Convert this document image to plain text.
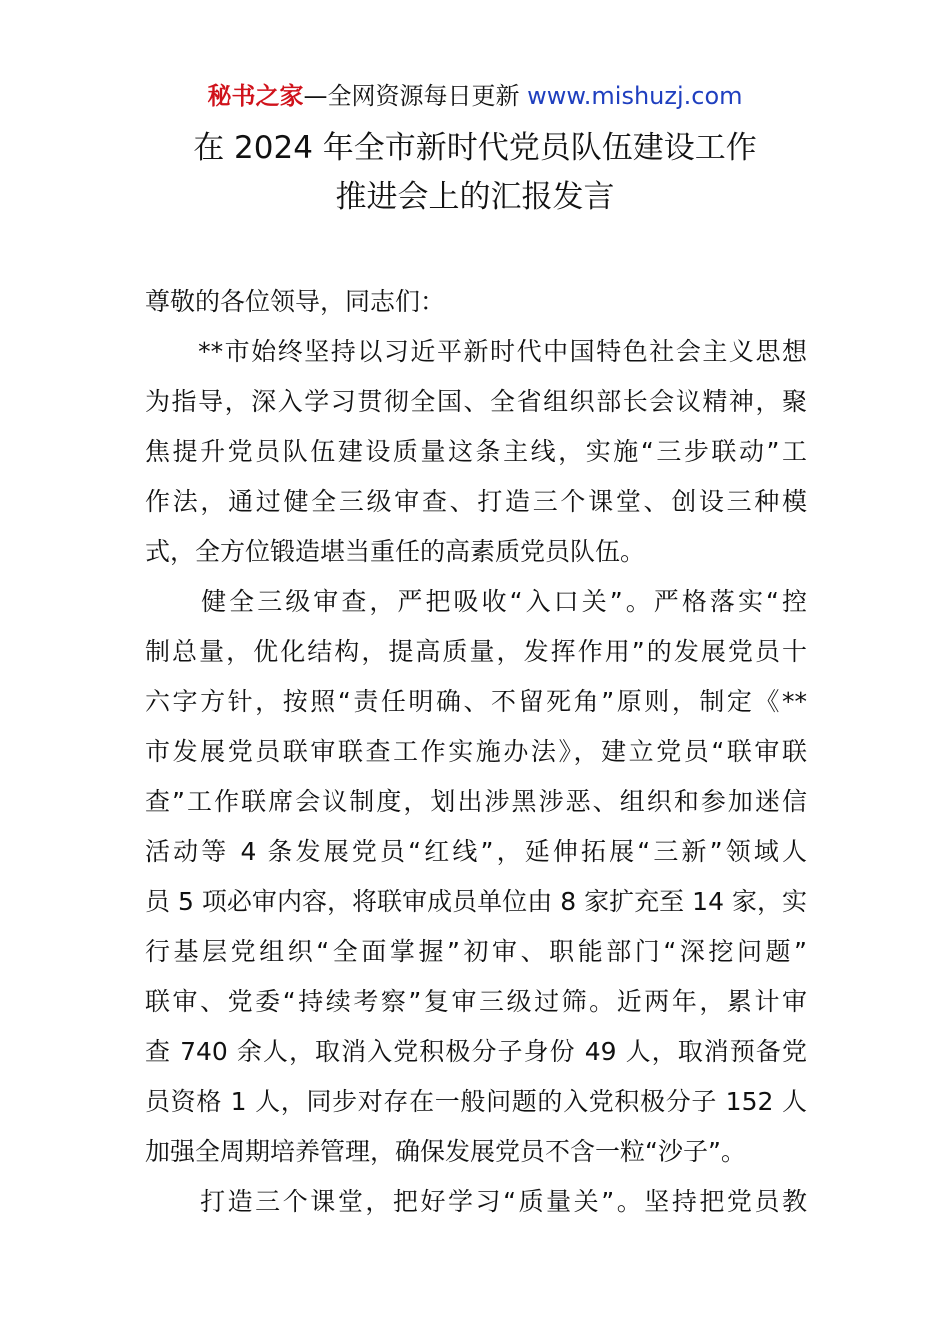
秘书之家—全网资源每日更新 www.mishuzj.com
在 2024 年全市新时代党员队伍建设工作
推进会上的汇报发言
尊敬的各位领导，同志们：
　　**市始终坚持以习近平新时代中国特色社会主义思想
为指导，深入学习贯彻全国、全省组织部长会议精神，聚
焦提升党员队伍建设质量这条主线，实施“三步联动”工
作法，通过健全三级审查、打造三个课堂、创设三种模
式，全方位锻造堪当重任的高素质党员队伍。
　　健全三级审查，严把吸收“入口关”。严格落实“控
制总量，优化结构，提高质量，发挥作用”的发展党员十
六字方针，按照“责任明确、不留死角”原则，制定《**
市发展党员联审联查工作实施办法》，建立党员“联审联
查”工作联席会议制度，划出涉黑涉恶、组织和参加迷信
活动等 4 条发展党员“红线”，延伸拓展“三新”领域人
员 5 项必审内容，将联审成员单位由 8 家扩充至 14 家，实
行基层党组织“全面掌握”初审、职能部门“深挖问题”
联审、党委“持续考察”复审三级过筛。近两年，累计审
查 740 余人，取消入党积极分子身份 49 人，取消预备党
员资格 1 人，同步对存在一般问题的入党积极分子 152 人
加强全周期培养管理，确保发展党员不含一粒“沙子”。
　　打造三个课堂，把好学习“质量关”。坚持把党员教
